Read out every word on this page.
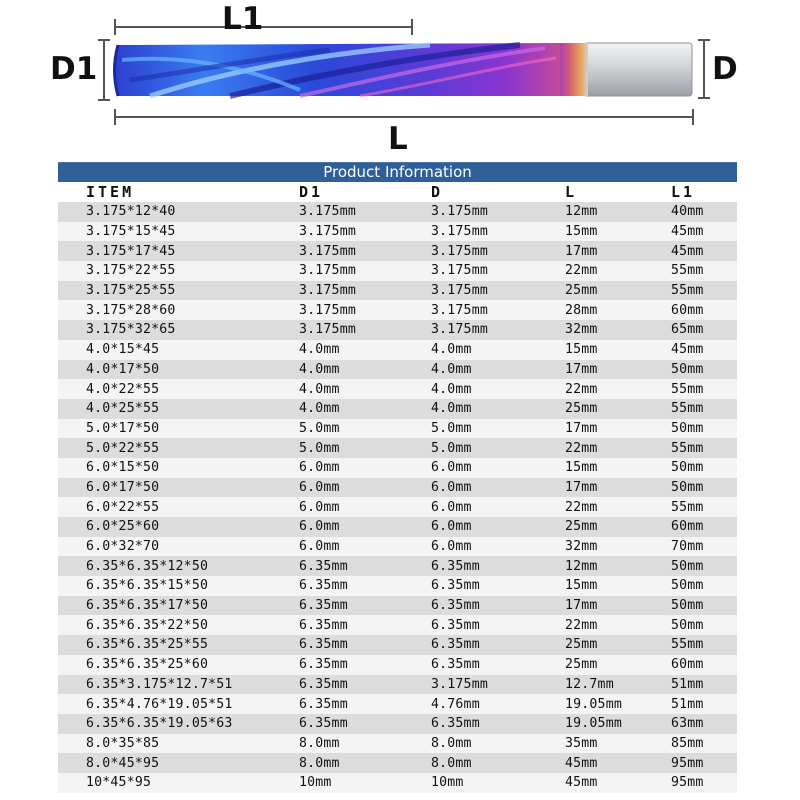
L1
D1	D
L
Product Information
ITEM	D1	D	L	L1
3.175*12*40	3.175mm	3.175mm	12mm	40mm
3.175*15*45	3.175mm	3.175mm	15mm	45mm
3.175*17*45	3.175mm	3.175mm	17mm	45mm
3.175*22*55	3.175mm	3.175mm	22mm	55mm
3.175*25*55	3.175mm	3.175mm	25mm	55mm
3.175*28*60	3.175mm	3.175mm	28mm	60mm
3.175*32*65	3.175mm	3.175mm	32mm	65mm
4.0*15*45	4.0mm	4.0mm	15mm	45mm
4.0*17*50	4.0mm	4.0mm	17mm	50mm
4.0*22*55	4.0mm	4.0mm	22mm	55mm
4.0*25*55	4.0mm	4.0mm	25mm	55mm
5.0*17*50	5.0mm	5.0mm	17mm	50mm
5.0*22*55	5.0mm	5.0mm	22mm	55mm
6.0*15*50	6.0mm	6.0mm	15mm	50mm
6.0*17*50	6.0mm	6.0mm	17mm	50mm
6.0*22*55	6.0mm	6.0mm	22mm	55mm
6.0*25*60	6.0mm	6.0mm	25mm	60mm
6.0*32*70	6.0mm	6.0mm	32mm	70mm
6.35*6.35*12*50	6.35mm	6.35mm	12mm	50mm
6.35*6.35*15*50	6.35mm	6.35mm	15mm	50mm
6.35*6.35*17*50	6.35mm	6.35mm	17mm	50mm
6.35*6.35*22*50	6.35mm	6.35mm	22mm	50mm
6.35*6.35*25*55	6.35mm	6.35mm	25mm	55mm
6.35*6.35*25*60	6.35mm	6.35mm	25mm	60mm
6.35*3.175*12.7*51	6.35mm	3.175mm	12.7mm	51mm
6.35*4.76*19.05*51	6.35mm	4.76mm	19.05mm	51mm
6.35*6.35*19.05*63	6.35mm	6.35mm	19.05mm	63mm
8.0*35*85	8.0mm	8.0mm	35mm	85mm
8.0*45*95	8.0mm	8.0mm	45mm	95mm
10*45*95	10mm	10mm	45mm	95mm
